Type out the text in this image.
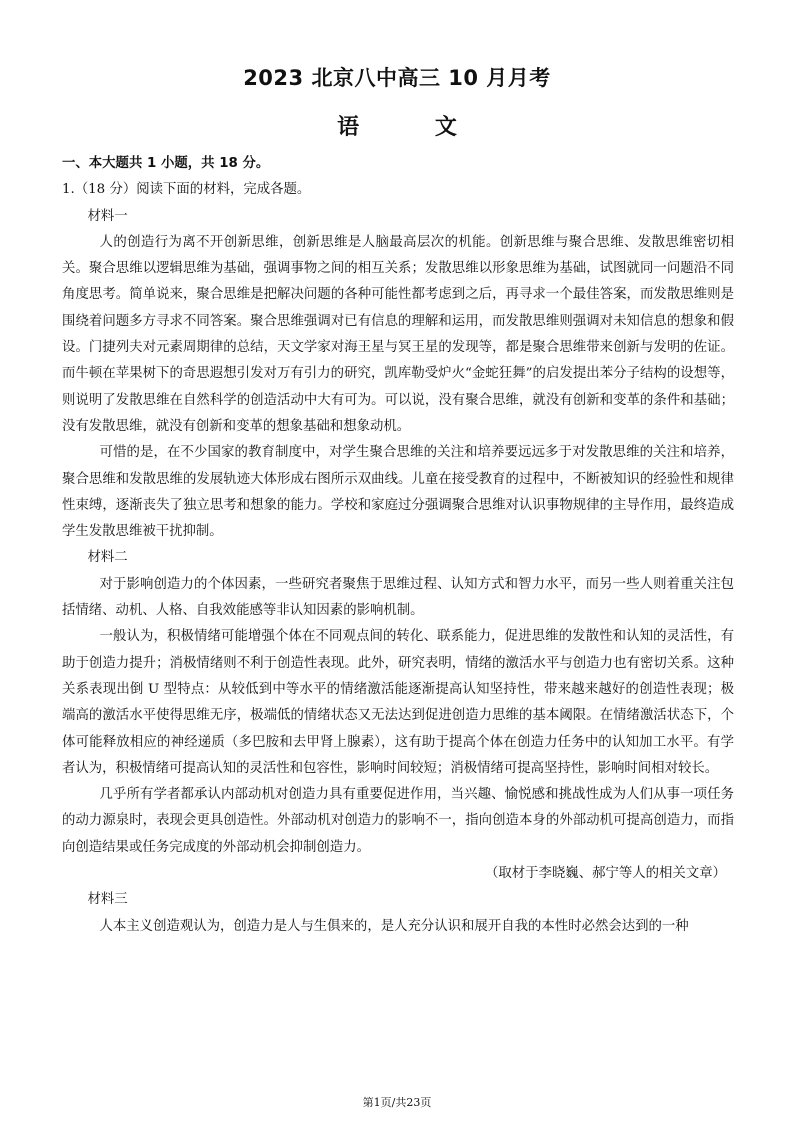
2023 北京八中高三 10 月月考
语 文

一、本大题共 1 小题，共 18 分。

1.（18 分）阅读下面的材料，完成各题。

材料一

人的创造行为离不开创新思维，创新思维是人脑最高层次的机能。创新思维与聚合思维、发散思维密切相关。聚合思维以逻辑思维为基础，强调事物之间的相互关系；发散思维以形象思维为基础，试图就同一问题沿不同角度思考。简单说来，聚合思维是把解决问题的各种可能性都考虑到之后，再寻求一个最佳答案，而发散思维则是围绕着问题多方寻求不同答案。聚合思维强调对已有信息的理解和运用，而发散思维则强调对未知信息的想象和假设。门捷列夫对元素周期律的总结，天文学家对海王星与冥王星的发现等，都是聚合思维带来创新与发明的佐证。而牛顿在苹果树下的奇思遐想引发对万有引力的研究，凯库勒受炉火“金蛇狂舞”的启发提出苯分子结构的设想等，则说明了发散思维在自然科学的创造活动中大有可为。可以说，没有聚合思维，就没有创新和变革的条件和基础；没有发散思维，就没有创新和变革的想象基础和想象动机。

可惜的是，在不少国家的教育制度中，对学生聚合思维的关注和培养要远远多于对发散思维的关注和培养，聚合思维和发散思维的发展轨迹大体形成右图所示双曲线。儿童在接受教育的过程中，不断被知识的经验性和规律性束缚，逐渐丧失了独立思考和想象的能力。学校和家庭过分强调聚合思维对认识事物规律的主导作用，最终造成学生发散思维被干扰抑制。

材料二

对于影响创造力的个体因素，一些研究者聚焦于思维过程、认知方式和智力水平，而另一些人则着重关注包括情绪、动机、人格、自我效能感等非认知因素的影响机制。

一般认为，积极情绪可能增强个体在不同观点间的转化、联系能力，促进思维的发散性和认知的灵活性，有助于创造力提升；消极情绪则不利于创造性表现。此外，研究表明，情绪的激活水平与创造力也有密切关系。这种关系表现出倒 U 型特点：从较低到中等水平的情绪激活能逐渐提高认知坚持性，带来越来越好的创造性表现；极端高的激活水平使得思维无序，极端低的情绪状态又无法达到促进创造力思维的基本阈限。在情绪激活状态下，个体可能释放相应的神经递质（多巴胺和去甲肾上腺素），这有助于提高个体在创造力任务中的认知加工水平。有学者认为，积极情绪可提高认知的灵活性和包容性，影响时间较短；消极情绪可提高坚持性，影响时间相对较长。

几乎所有学者都承认内部动机对创造力具有重要促进作用，当兴趣、愉悦感和挑战性成为人们从事一项任务的动力源泉时，表现会更具创造性。外部动机对创造力的影响不一，指向创造本身的外部动机可提高创造力，而指向创造结果或任务完成度的外部动机会抑制创造力。

（取材于李晓巍、郝宁等人的相关文章）

材料三

人本主义创造观认为，创造力是人与生俱来的，是人充分认识和展开自我的本性时必然会达到的一种

第1页/共23页
